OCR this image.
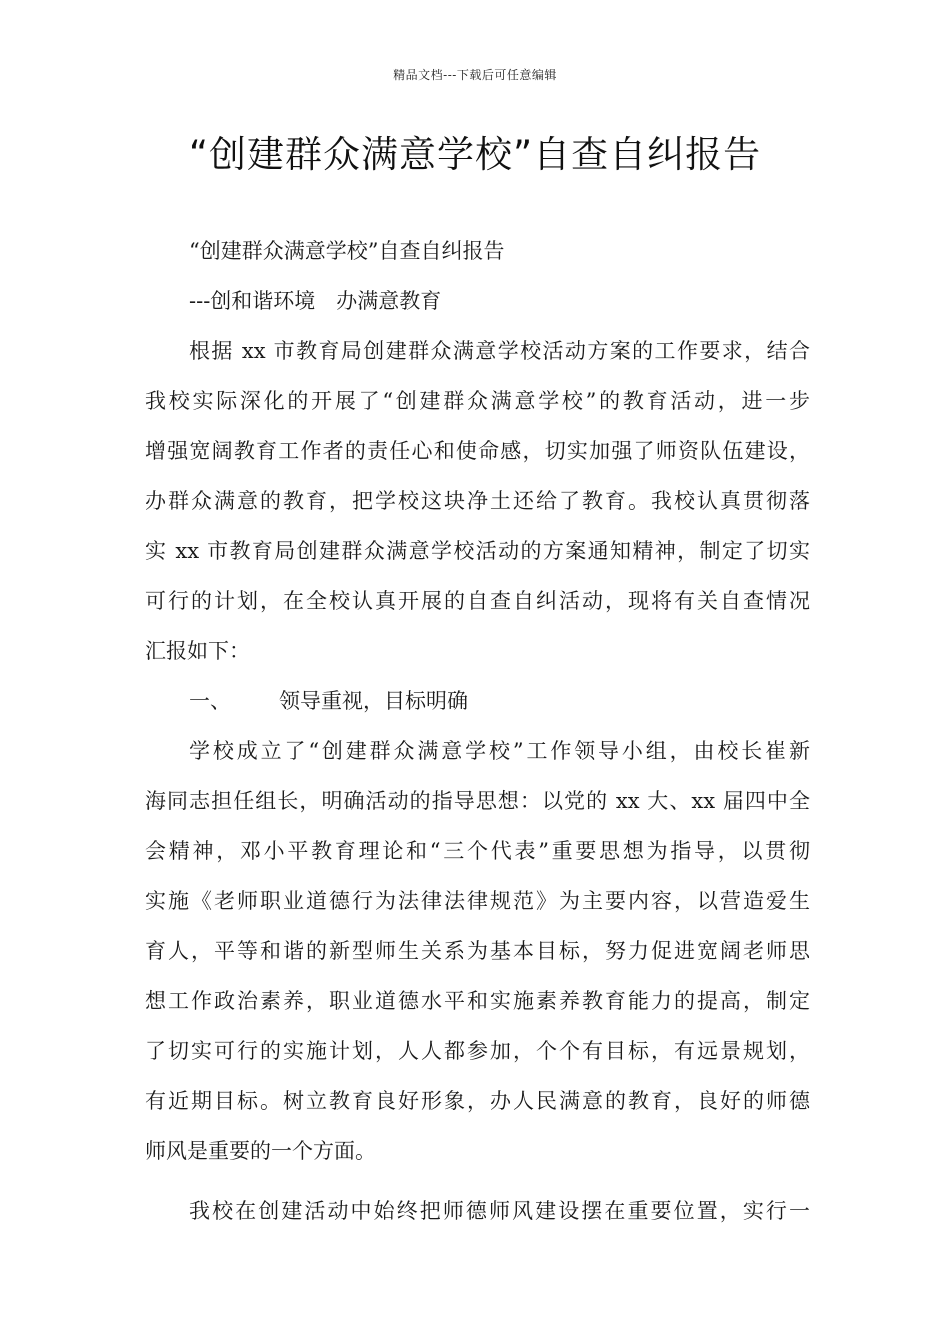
精品文档---下载后可任意编辑
“创建群众满意学校”自查自纠报告
“创建群众满意学校”自查自纠报告
---创和谐环境　办满意教育
根据 xx 市教育局创建群众满意学校活动方案的工作要求，结合
我校实际深化的开展了“创建群众满意学校”的教育活动，进一步
增强宽阔教育工作者的责任心和使命感，切实加强了师资队伍建设，
办群众满意的教育，把学校这块净土还给了教育。我校认真贯彻落
实 xx 市教育局创建群众满意学校活动的方案通知精神，制定了切实
可行的计划，在全校认真开展的自查自纠活动，现将有关自查情况
汇报如下：
一、 领导重视，目标明确
学校成立了“创建群众满意学校”工作领导小组，由校长崔新
海同志担任组长，明确活动的指导思想：以党的 xx 大、xx 届四中全
会精神，邓小平教育理论和“三个代表”重要思想为指导，以贯彻
实施《老师职业道德行为法律法律规范》为主要内容，以营造爱生
育人，平等和谐的新型师生关系为基本目标，努力促进宽阔老师思
想工作政治素养，职业道德水平和实施素养教育能力的提高，制定
了切实可行的实施计划，人人都参加，个个有目标，有远景规划，
有近期目标。树立教育良好形象，办人民满意的教育，良好的师德
师风是重要的一个方面。
我校在创建活动中始终把师德师风建设摆在重要位置，实行一
